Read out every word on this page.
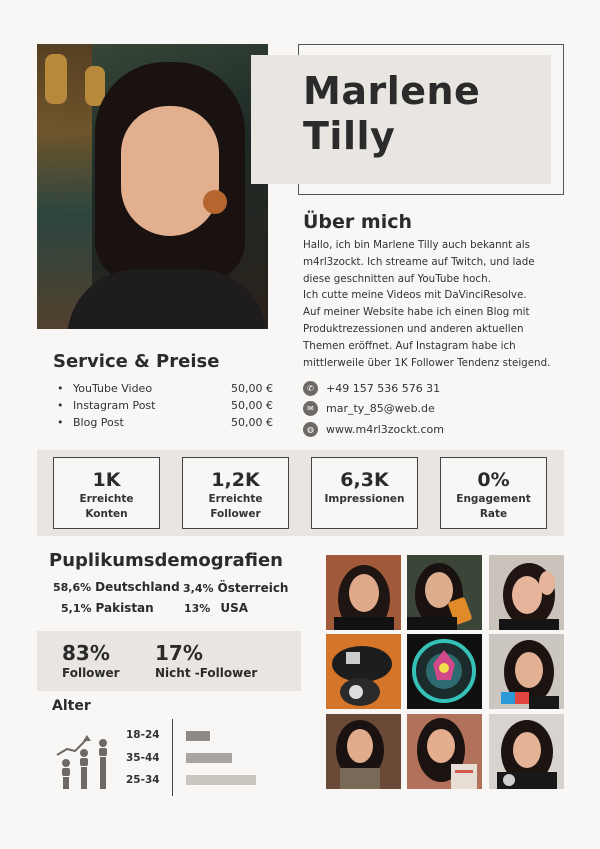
Marlene
Tilly
Über mich

Hallo, ich bin Marlene Tilly auch bekannt als

m4rl3zockt. Ich streame auf Twitch, und lade

diese geschnitten auf YouTube hoch.

Ich cutte meine Videos mit DaVinciResolve.

Auf meiner Website habe ich einen Blog mit

Produktrezessionen und anderen aktuellen

Themen eröffnet. Auf Instagram habe ich

mittlerweile über 1K Follower Tendenz steigend.

Service & Preise
• YouTube Video	50,00 €
• Instagram Post	50,00 €
• Blog Post	50,00 €
✆	+49 157 536 576 31
✉	mar_ty_85@web.de
◍	www.m4rl3zockt.com
1K
Erreichte
Konten
1,2K
Erreichte
Follower
6,3K
Impressionen
0%
Engagement
Rate
Puplikumsdemografien
58,6% Deutschland 3,4% Österreich
5,1% Pakistan	13% USA
83%
Follower
17%
Nicht -Follower
Alter
18-24
35-44
25-34
